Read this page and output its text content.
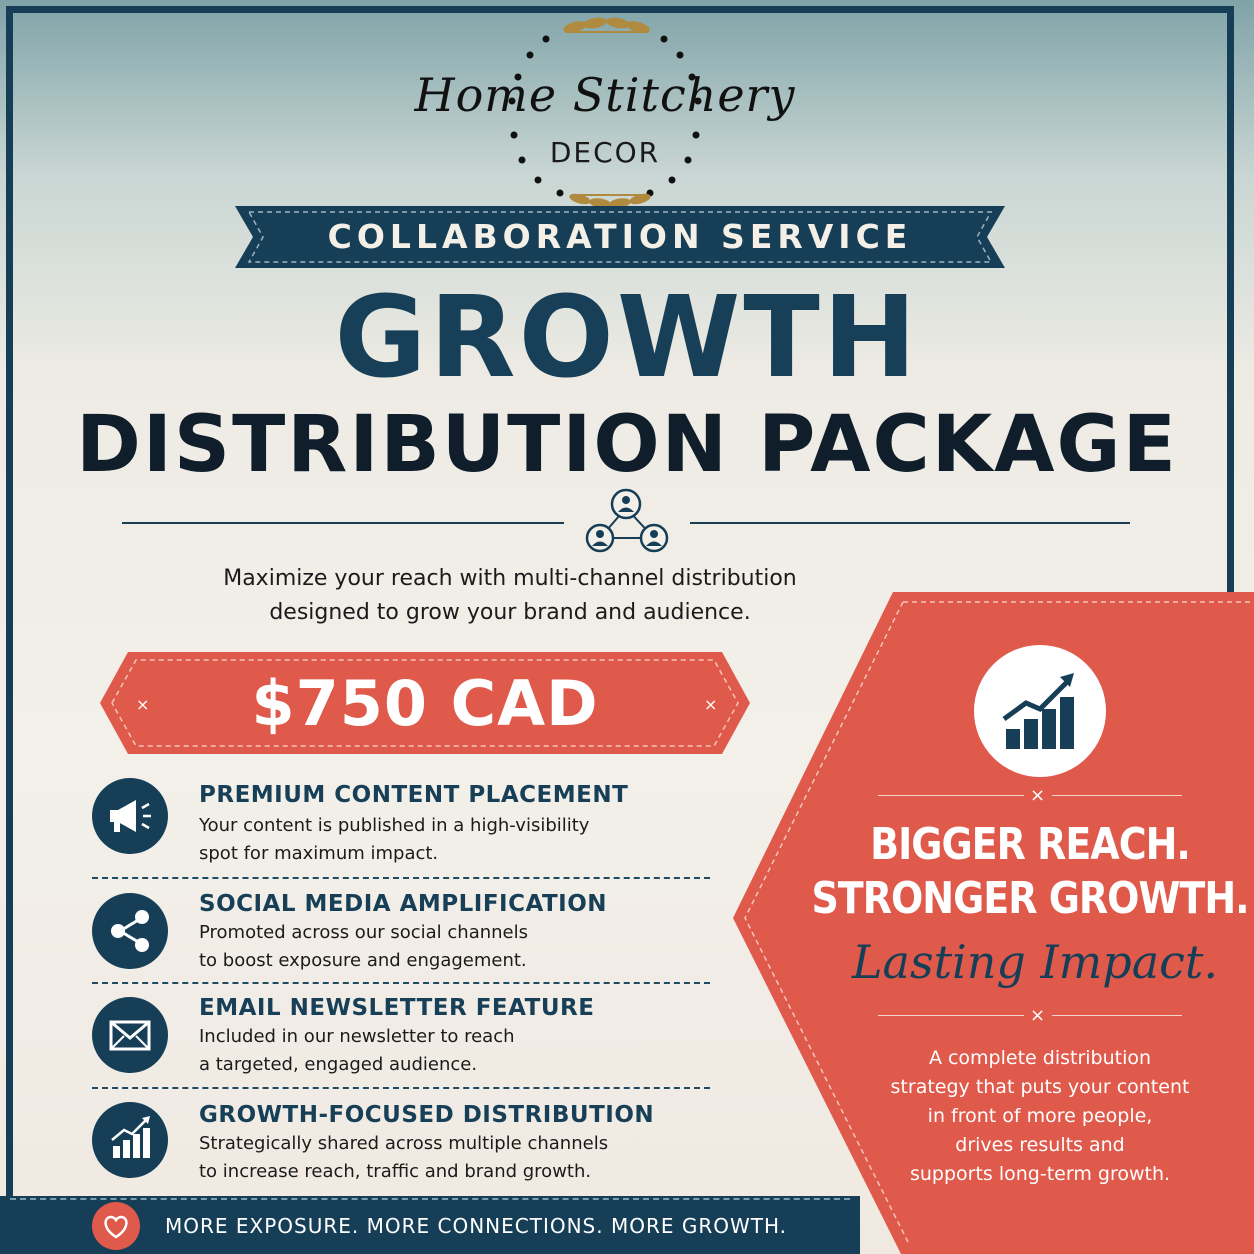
Home Stitchery
DECOR
COLLABORATION SERVICE
GROWTH
DISTRIBUTION PACKAGE
Maximize your reach with multi-channel distribution
designed to grow your brand and audience.
×	×
$750 CAD
PREMIUM CONTENT PLACEMENT
Your content is published in a high-visibility
spot for maximum impact.
SOCIAL MEDIA AMPLIFICATION
Promoted across our social channels
to boost exposure and engagement.
EMAIL NEWSLETTER FEATURE
Included in our newsletter to reach
a targeted, engaged audience.
GROWTH-FOCUSED DISTRIBUTION
Strategically shared across multiple channels
to increase reach, traffic and brand growth.
×
BIGGER REACH.
STRONGER GROWTH.
Lasting Impact.
×
A complete distribution
strategy that puts your content
in front of more people,
drives results and
supports long-term growth.
MORE EXPOSURE. MORE CONNECTIONS. MORE GROWTH.
